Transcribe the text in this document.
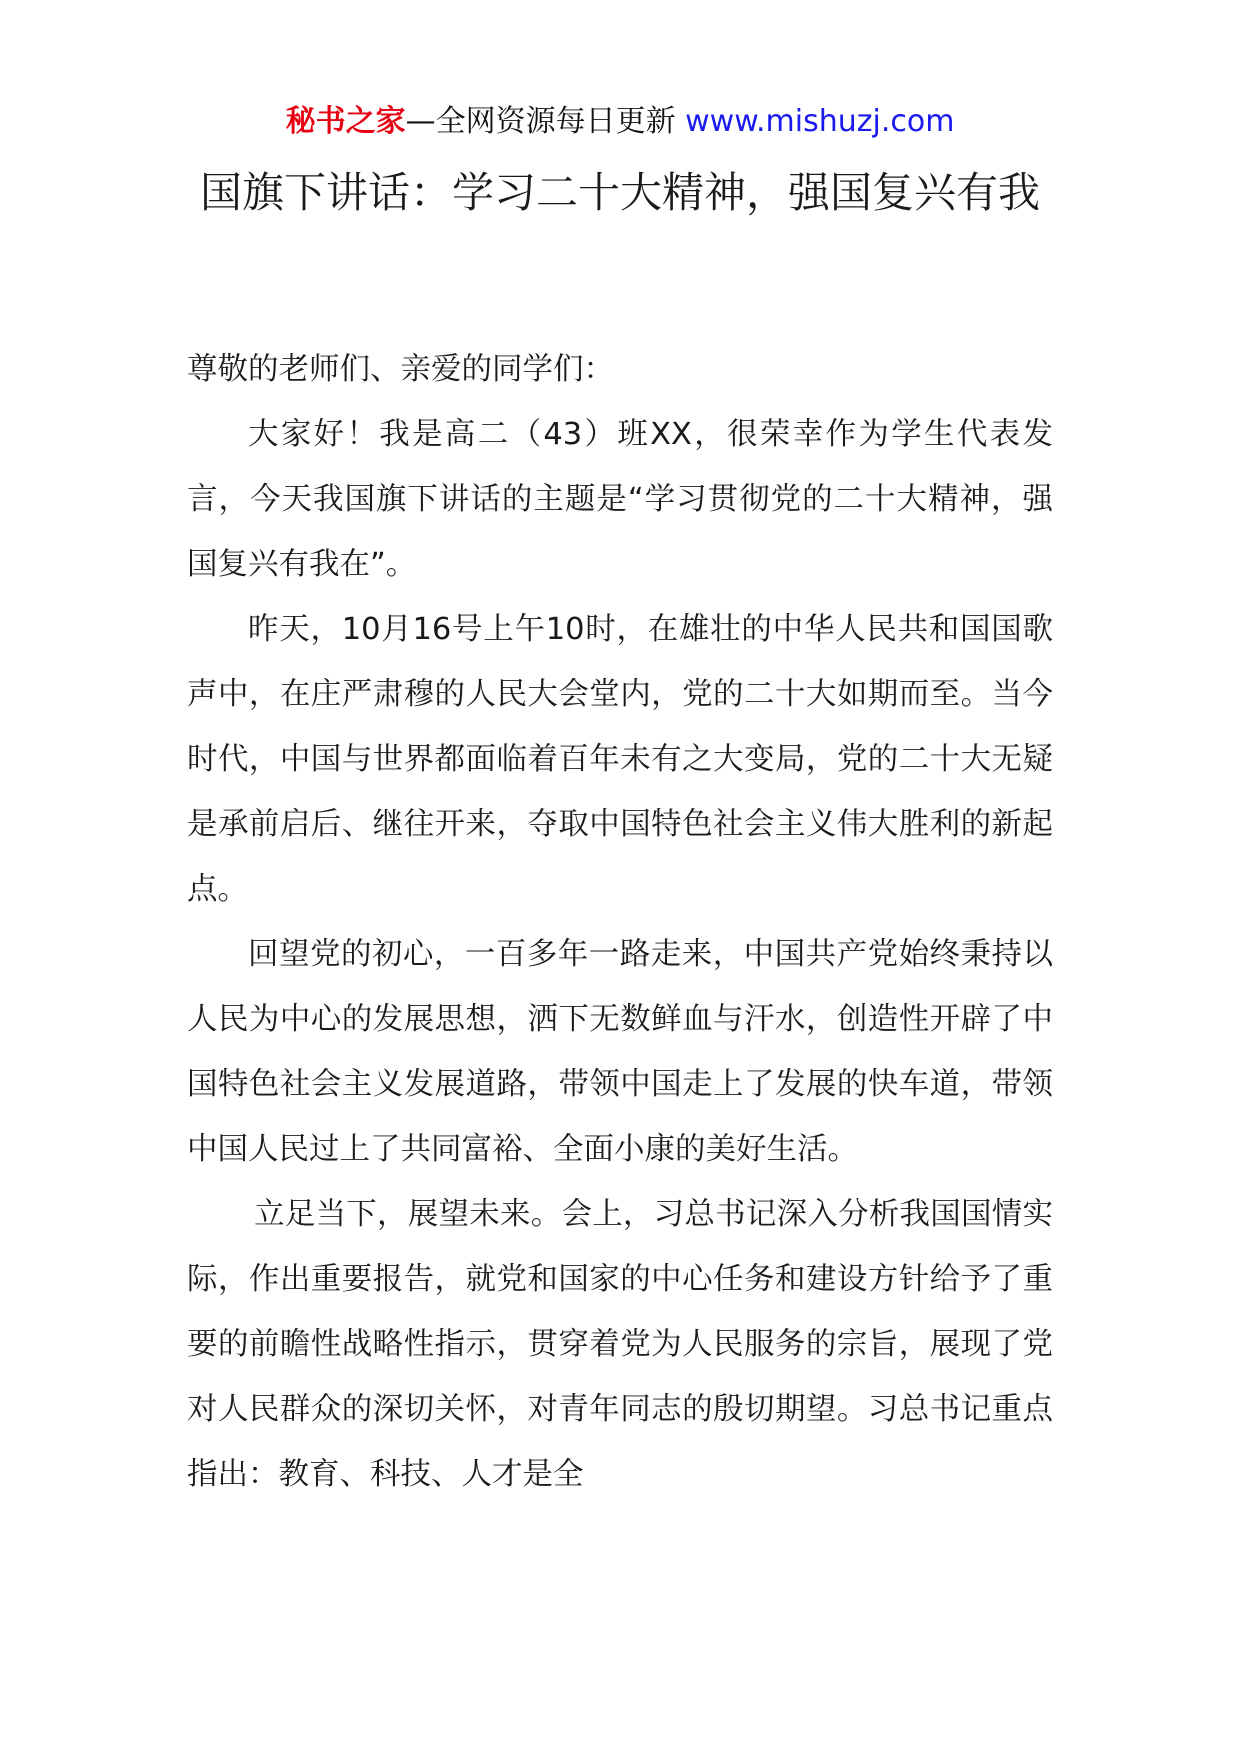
秘书之家—全网资源每日更新 www.mishuzj.com
国旗下讲话：学习二十大精神，强国复兴有我

尊敬的老师们、亲爱的同学们：

大家好！我是高二（43）班XX，很荣幸作为学生代表发言，今天我国旗下讲话的主题是“学习贯彻党的二十大精神，强国复兴有我在”。

昨天，10月16号上午10时，在雄壮的中华人民共和国国歌声中，在庄严肃穆的人民大会堂内，党的二十大如期而至。当今时代，中国与世界都面临着百年未有之大变局，党的二十大无疑是承前启后、继往开来，夺取中国特色社会主义伟大胜利的新起点。

回望党的初心，一百多年一路走来，中国共产党始终秉持以人民为中心的发展思想，洒下无数鲜血与汗水，创造性开辟了中国特色社会主义发展道路，带领中国走上了发展的快车道，带领中国人民过上了共同富裕、全面小康的美好生活。

立足当下，展望未来。会上，习总书记深入分析我国国情实际，作出重要报告，就党和国家的中心任务和建设方针给予了重要的前瞻性战略性指示，贯穿着党为人民服务的宗旨，展现了党对人民群众的深切关怀，对青年同志的殷切期望。习总书记重点指出：教育、科技、人才是全
